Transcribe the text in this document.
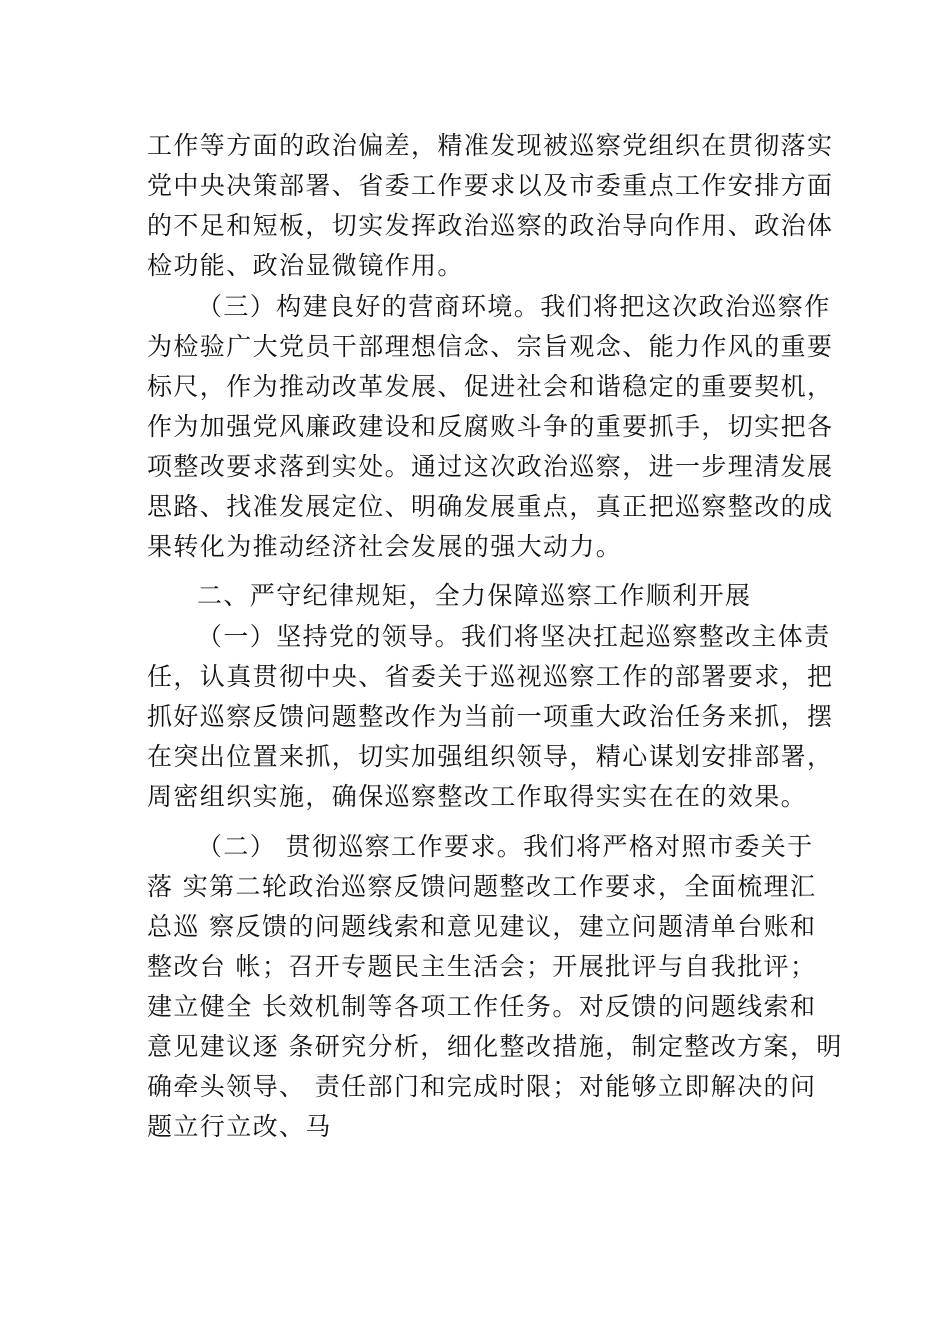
工作等方面的政治偏差，精准发现被巡察党组织在贯彻落实

党中央决策部署、省委工作要求以及市委重点工作安排方面

的不足和短板，切实发挥政治巡察的政治导向作用、政治体

检功能、政治显微镜作用。

（三）构建良好的营商环境。我们将把这次政治巡察作

为检验广大党员干部理想信念、宗旨观念、能力作风的重要

标尺，作为推动改革发展、促进社会和谐稳定的重要契机，

作为加强党风廉政建设和反腐败斗争的重要抓手，切实把各

项整改要求落到实处。通过这次政治巡察，进一步理清发展

思路、找准发展定位、明确发展重点，真正把巡察整改的成

果转化为推动经济社会发展的强大动力。

二、严守纪律规矩，全力保障巡察工作顺利开展

（一）坚持党的领导。我们将坚决扛起巡察整改主体责

任，认真贯彻中央、省委关于巡视巡察工作的部署要求，把

抓好巡察反馈问题整改作为当前一项重大政治任务来抓，摆

在突出位置来抓，切实加强组织领导，精心谋划安排部署，

周密组织实施，确保巡察整改工作取得实实在在的效果。

（二） 贯彻巡察工作要求。我们将严格对照市委关于

落 实第二轮政治巡察反馈问题整改工作要求，全面梳理汇

总巡 察反馈的问题线索和意见建议，建立问题清单台账和

整改台 帐；召开专题民主生活会；开展批评与自我批评；

建立健全 长效机制等各项工作任务。对反馈的问题线索和

意见建议逐 条研究分析，细化整改措施，制定整改方案，明

确牵头领导、 责任部门和完成时限；对能够立即解决的问

题立行立改、马
